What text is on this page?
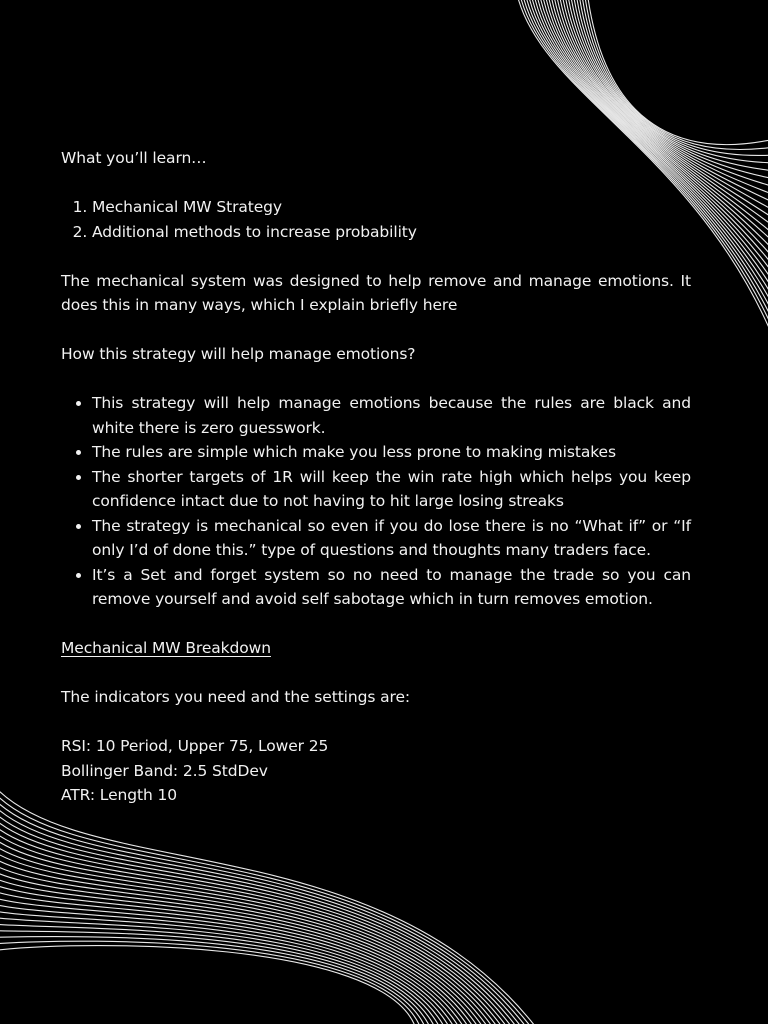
What you’ll learn…

1. Mechanical MW Strategy
2. Additional methods to increase probability

The mechanical system was designed to help remove and manage emotions. It does this in many ways, which I explain briefly here

How this strategy will help manage emotions?

• This strategy will help manage emotions because the rules are black and white there is zero guesswork.
• The rules are simple which make you less prone to making mistakes
• The shorter targets of 1R will keep the win rate high which helps you keep confidence intact due to not having to hit large losing streaks
• The strategy is mechanical so even if you do lose there is no “What if” or “If only I’d of done this.” type of questions and thoughts many traders face.
• It’s a Set and forget system so no need to manage the trade so you can remove yourself and avoid self sabotage which in turn removes emotion.

Mechanical MW Breakdown

The indicators you need and the settings are:

RSI: 10 Period, Upper 75, Lower 25
Bollinger Band: 2.5 StdDev
ATR: Length 10
